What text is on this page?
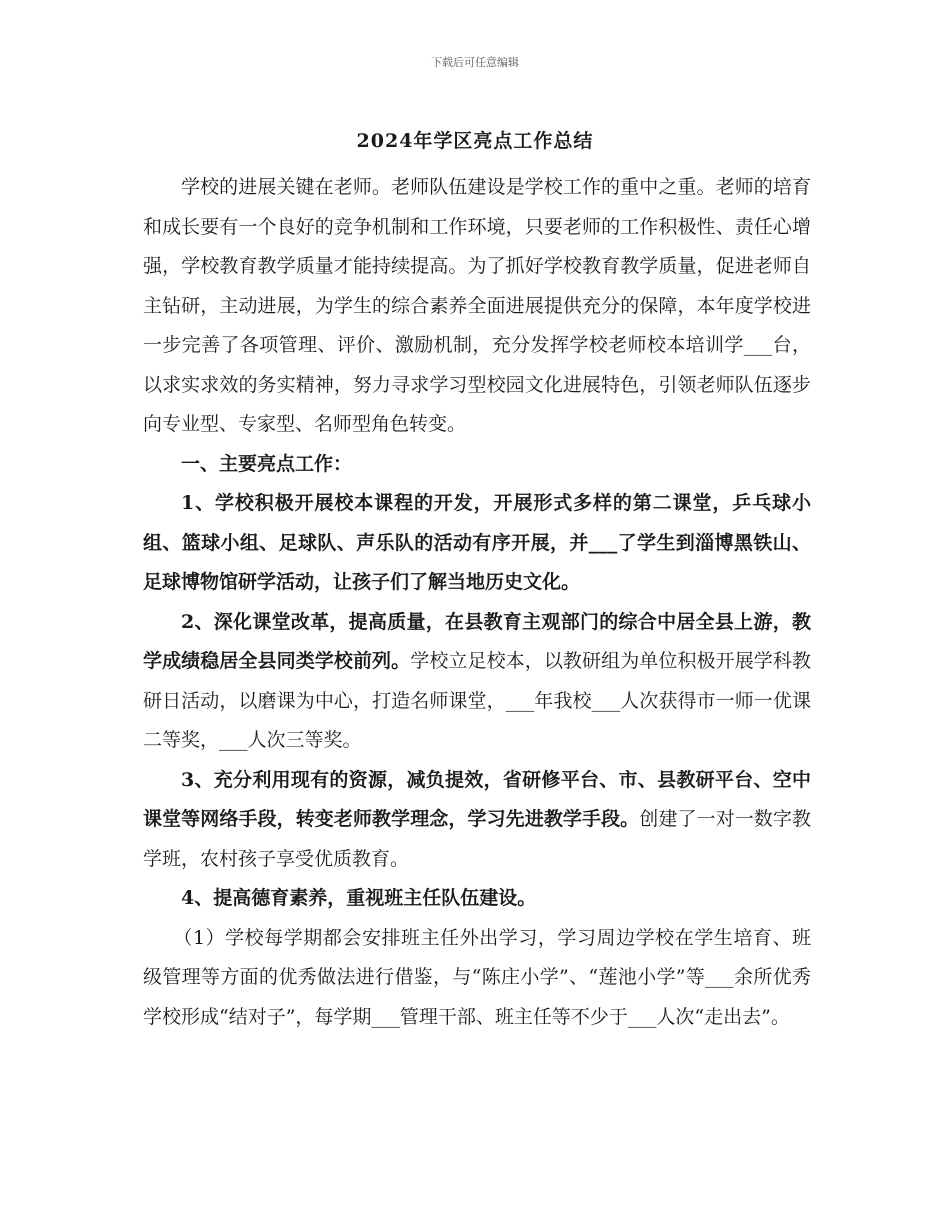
下载后可任意编辑
2024年学区亮点工作总结

学校的进展关键在老师。老师队伍建设是学校工作的重中之重。老师的培育和成长要有一个良好的竞争机制和工作环境，只要老师的工作积极性、责任心增强，学校教育教学质量才能持续提高。为了抓好学校教育教学质量，促进老师自主钻研，主动进展，为学生的综合素养全面进展提供充分的保障，本年度学校进一步完善了各项管理、评价、激励机制，充分发挥学校老师校本培训学___台，以求实求效的务实精神，努力寻求学习型校园文化进展特色，引领老师队伍逐步向专业型、专家型、名师型角色转变。

一、主要亮点工作：

1、学校积极开展校本课程的开发，开展形式多样的第二课堂，乒乓球小组、篮球小组、足球队、声乐队的活动有序开展，并___了学生到淄博黑铁山、足球博物馆研学活动，让孩子们了解当地历史文化。

2、深化课堂改革，提高质量，在县教育主观部门的综合中居全县上游，教学成绩稳居全县同类学校前列。学校立足校本，以教研组为单位积极开展学科教研日活动，以磨课为中心，打造名师课堂，___年我校___人次获得市一师一优课二等奖，___人次三等奖。

3、充分利用现有的资源，减负提效，省研修平台、市、县教研平台、空中课堂等网络手段，转变老师教学理念，学习先进教学手段。创建了一对一数字教学班，农村孩子享受优质教育。

4、提高德育素养，重视班主任队伍建设。

（1）学校每学期都会安排班主任外出学习，学习周边学校在学生培育、班级管理等方面的优秀做法进行借鉴，与“陈庄小学”、“莲池小学”等___余所优秀学校形成“结对子”，每学期___管理干部、班主任等不少于___人次“走出去”。
